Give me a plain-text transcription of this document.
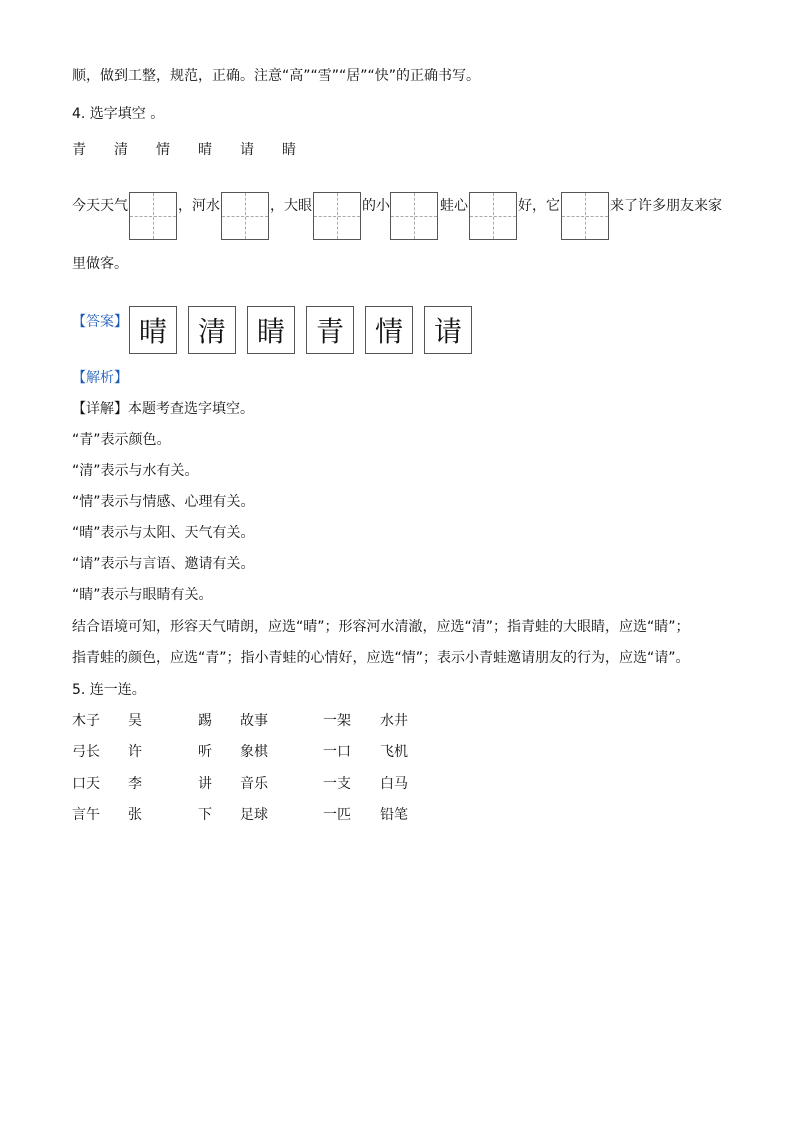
顺，做到工整，规范，正确。注意“高”“雪”“居”“快”的正确书写。
4. 选字填空 。
青 清 情 晴 请 睛
今天天气	，河水	，大眼	的小	蛙心	好，它	来了许多朋友来家
里做客。
【答案】 晴	清	睛	青	情	请
【解析】
【详解】本题考查选字填空。
“青”表示颜色。
“清”表示与水有关。
“情”表示与情感、心理有关。
“晴”表示与太阳、天气有关。
“请”表示与言语、邀请有关。
“睛”表示与眼睛有关。
结合语境可知，形容天气晴朗，应选“晴”；形容河水清澈，应选“清”；指青蛙的大眼睛，应选“睛”；
指青蛙的颜色，应选“青”；指小青蛙的心情好，应选“情”；表示小青蛙邀请朋友的行为，应选“请”。
5. 连一连。
木子 吴	踢 故事	一架 水井
弓长 许	听 象棋	一口 飞机
口天 李	讲 音乐	一支 白马
言午 张	下 足球	一匹 铅笔
